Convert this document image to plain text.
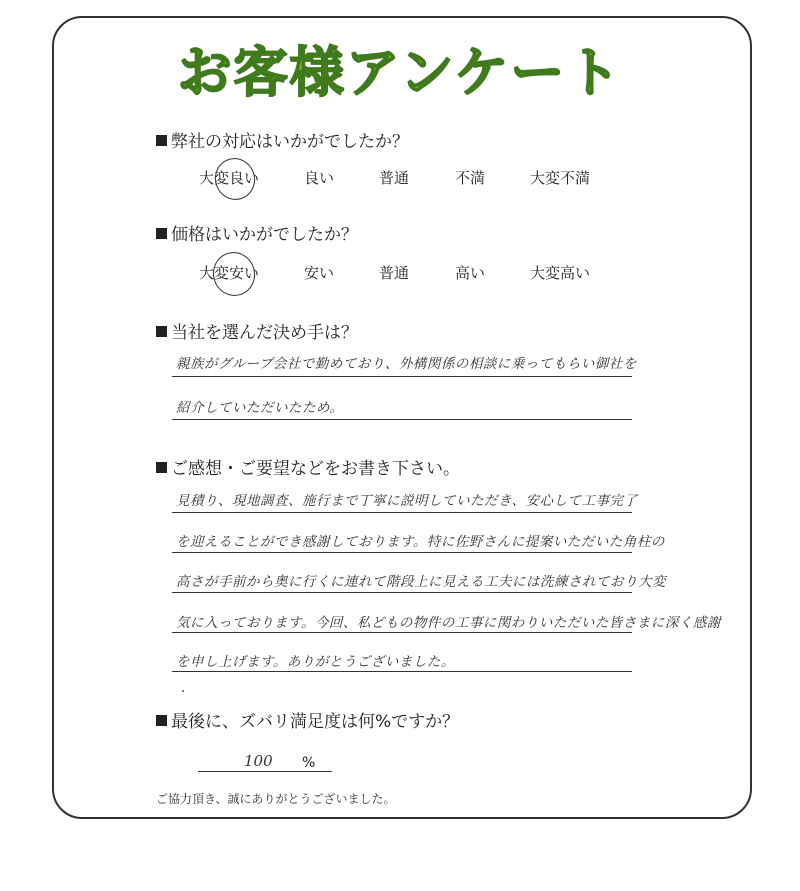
お客様アンケート
弊社の対応はいかがでしたか？
大変良い	良い	普通	不満	大変不満
価格はいかがでしたか？
大変安い	安い	普通	高い	大変高い
当社を選んだ決め手は？
親族がグループ会社で勤めており、外構関係の相談に乗ってもらい御社を
紹介していただいたため。
ご感想・ご要望などをお書き下さい。
見積り、現地調査、施行まで丁寧に説明していただき、安心して工事完了
を迎えることができ感謝しております。特に佐野さんに提案いただいた角柱の
高さが手前から奥に行くに連れて階段上に見える工夫には洗練されており大変
気に入っております。今回、私どもの物件の工事に関わりいただいた皆さまに深く感謝
を申し上げます。ありがとうございました。
最後に、ズバリ満足度は何%ですか？
100 %
ご協力頂き、誠にありがとうございました。
